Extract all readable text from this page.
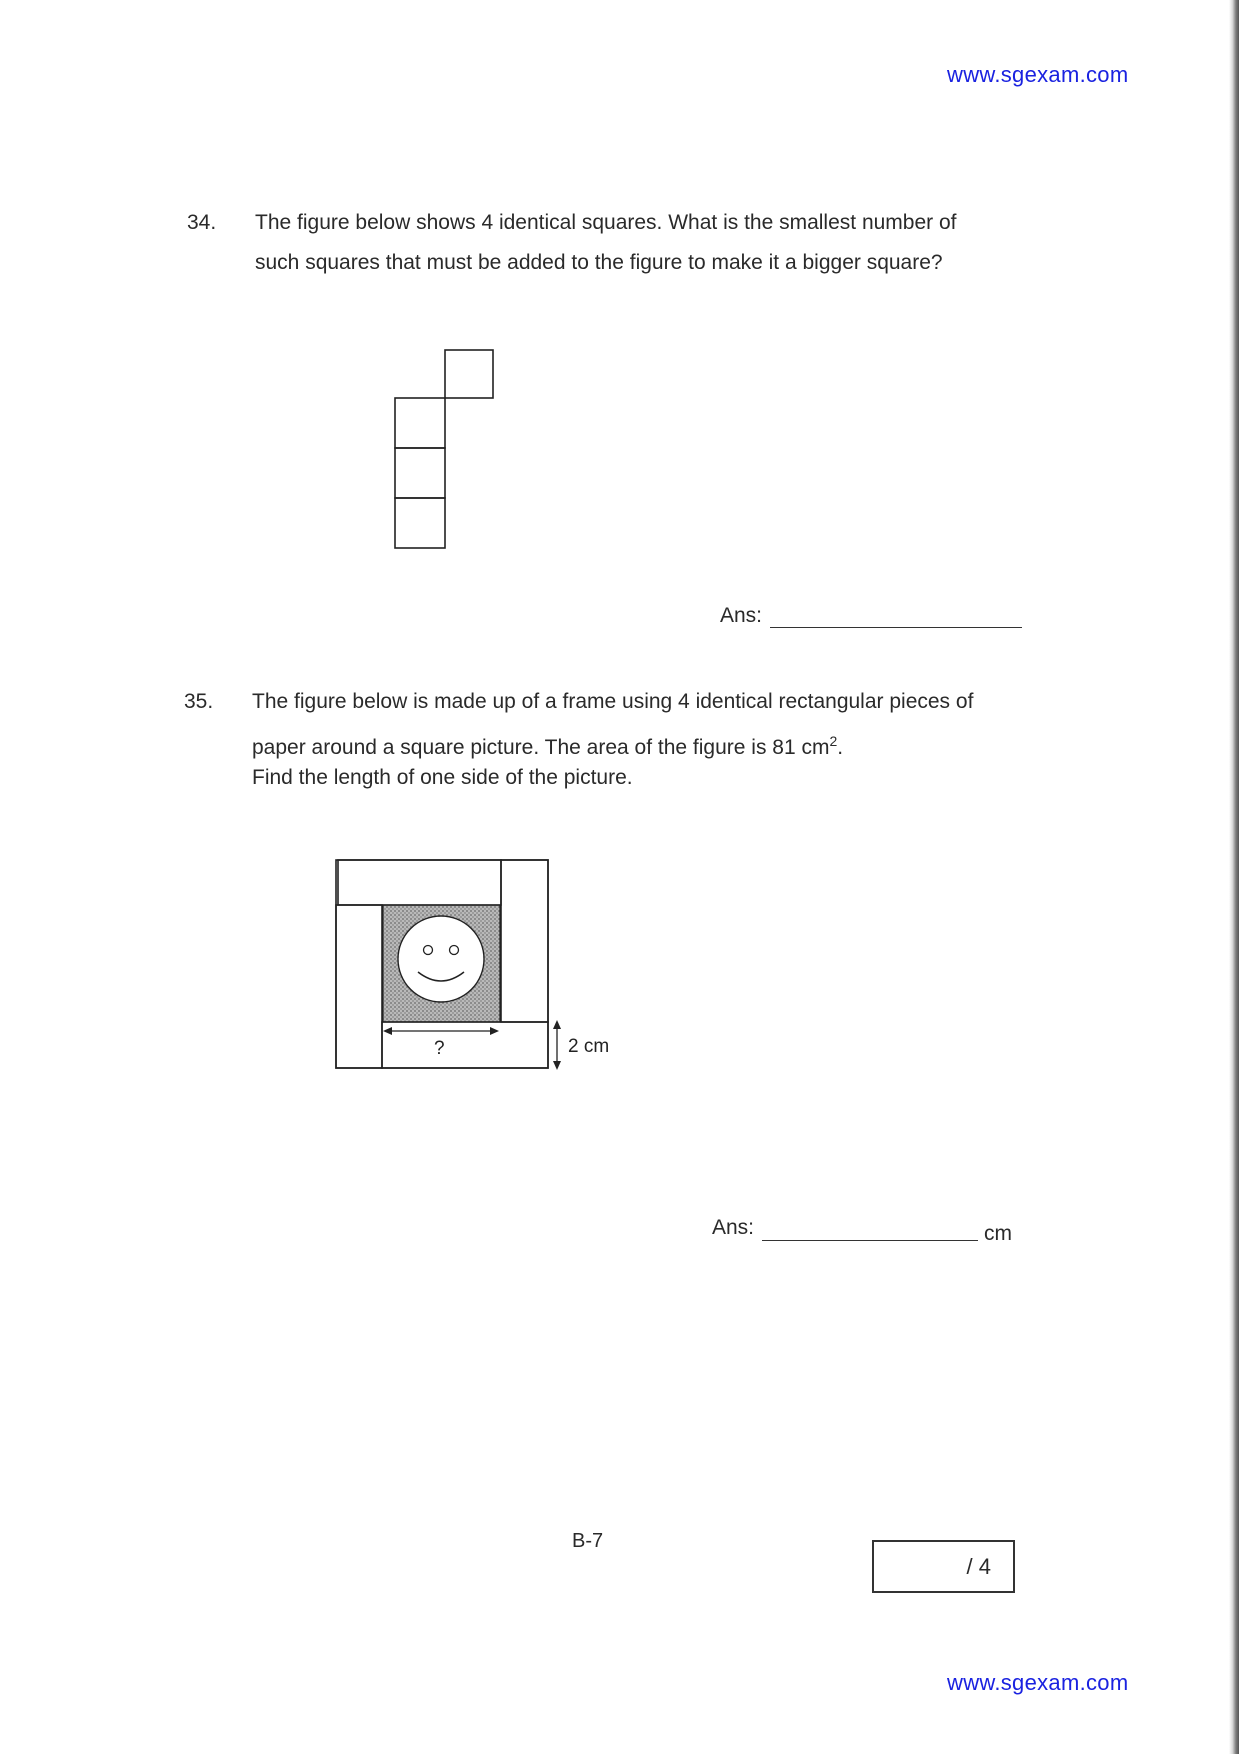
www.sgexam.com
34. The figure below shows 4 identical squares. What is the smallest number of
such squares that must be added to the figure to make it a bigger square?
Ans:
35. The figure below is made up of a frame using 4 identical rectangular pieces of
paper around a square picture. The area of the figure is 81 $cm^2$.
Find the length of one side of the picture.
?	2 cm
Ans:	cm
B-7
/ 4
www.sgexam.com
